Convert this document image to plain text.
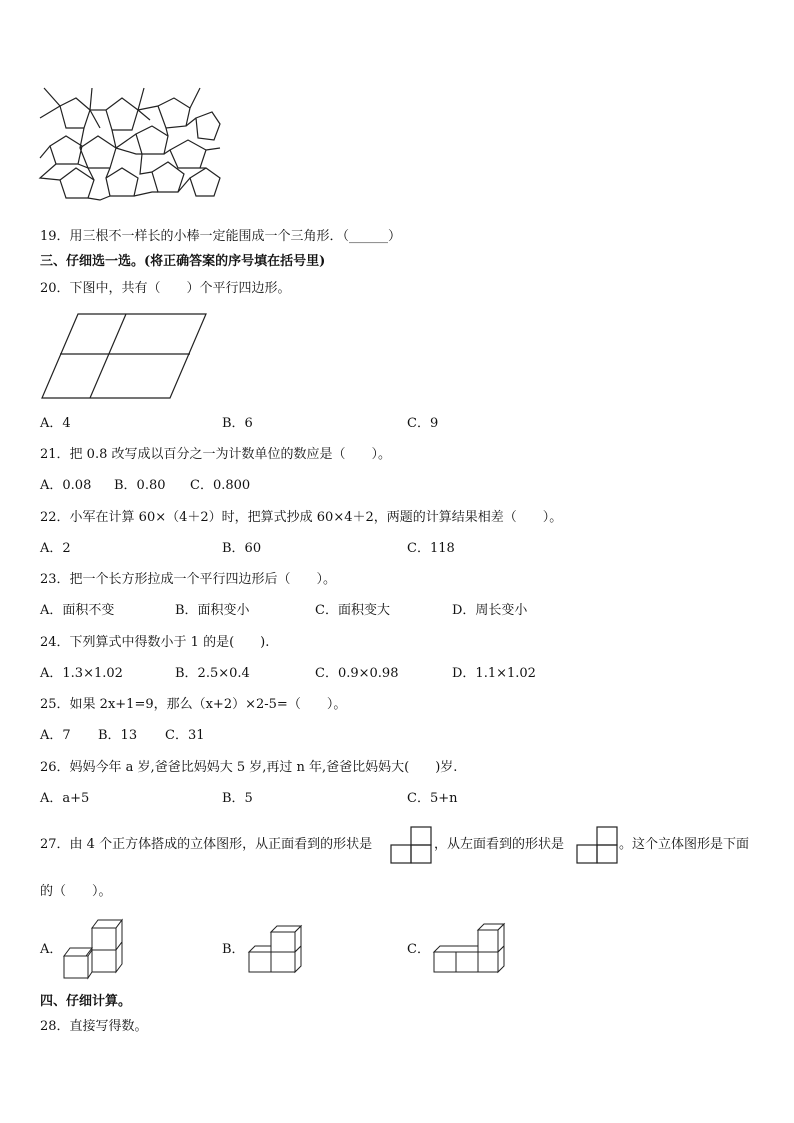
19．用三根不一样长的小棒一定能围成一个三角形．（______）
三、仔细选一选。(将正确答案的序号填在括号里)
20．下图中，共有（　　）个平行四边形。
A．4	B．6	C．9
21．把 0.8 改写成以百分之一为计数单位的数应是（　　）。
A．0.08 B．0.80 C．0.800
22．小军在计算 60×（4＋2）时，把算式抄成 60×4＋2，两题的计算结果相差（　　）。
A．2	B．60	C．118
23．把一个长方形拉成一个平行四边形后（　　）。
A．面积不变	B．面积变小	C．面积变大	D．周长变小
24．下列算式中得数小于 1 的是(　　).
A．1.3×1.02	B．2.5×0.4	C．0.9×0.98	D．1.1×1.02
25．如果 2x+1=9，那么（x+2）×2-5=（　　）。
A．7 B．13 C．31
26．妈妈今年 a 岁,爸爸比妈妈大 5 岁,再过 n 年,爸爸比妈妈大(　　)岁.
A．a+5	B．5	C．5+n
27．由 4 个正方体搭成的立体图形，从正面看到的形状是	，从左面看到的形状是	。这个立体图形是下面
的（　　）。
A．	B．	C．
四、仔细计算。
28．直接写得数。
